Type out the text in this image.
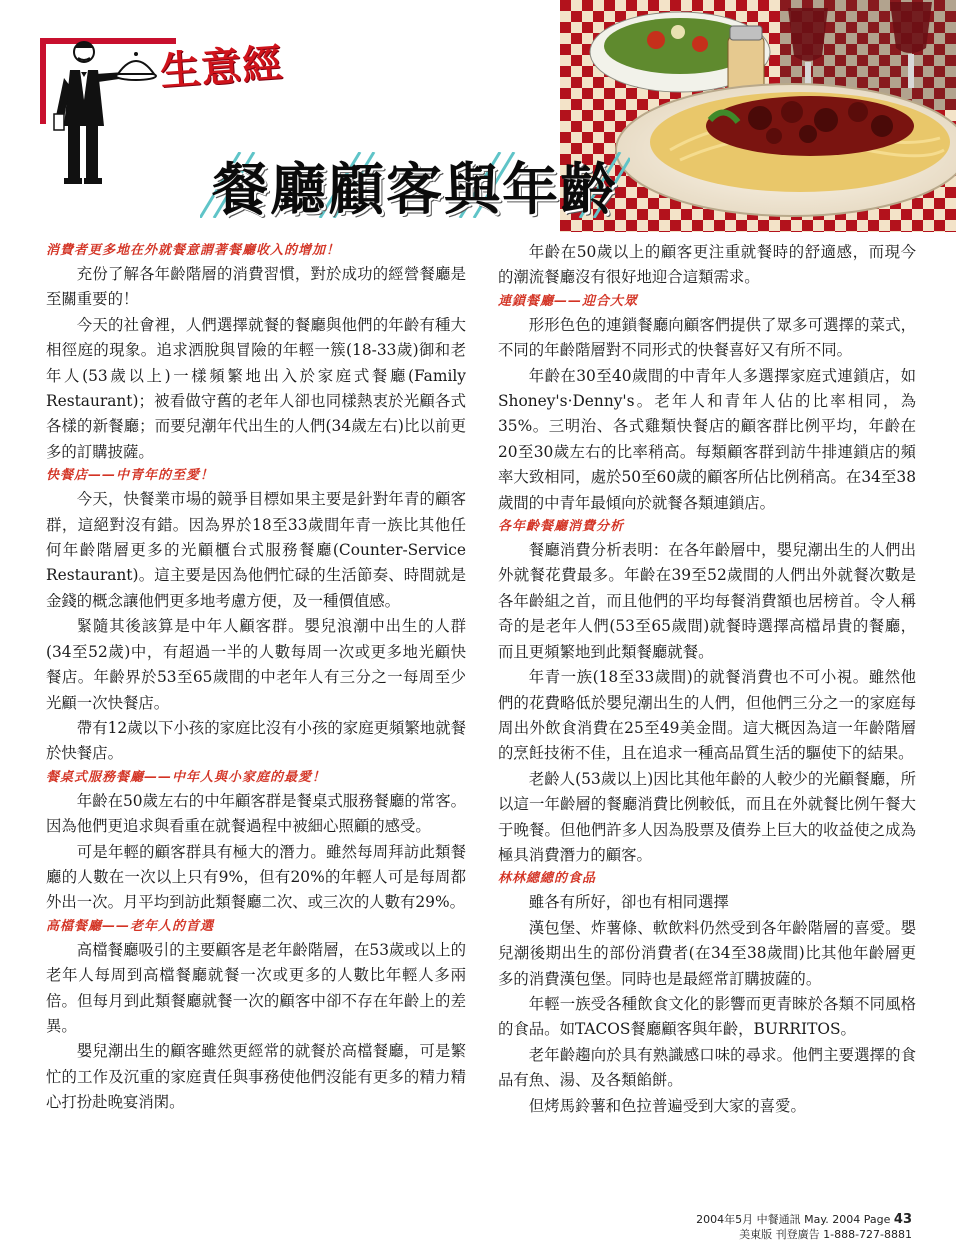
生意經
餐廳顧客與年齡
消費者更多地在外就餐意謂著餐廳收入的增加！

充份了解各年齡階層的消費習慣，對於成功的經營餐廳是至關重要的！

今天的社會裡，人們選擇就餐的餐廳與他們的年齡有種大相徑庭的現象。追求洒脫與冒險的年輕一簇(18-33歲)御和老年人(53歲以上)一樣頻繁地出入於家庭式餐廳(Family Restaurant)；被看做守舊的老年人卻也同樣熱衷於光顧各式各樣的新餐廳；而要兒潮年代出生的人們(34歲左右)比以前更多的訂購披薩。

快餐店——中青年的至愛！

今天，快餐業市場的競爭目標如果主要是針對年青的顧客群，這絕對沒有錯。因為界於18至33歲間年青一族比其他任何年齡階層更多的光顧櫃台式服務餐廳(Counter-Service Restaurant)。這主要是因為他們忙碌的生活節奏、時間就是金錢的概念讓他們更多地考慮方便，及一種價值感。

緊隨其後該算是中年人顧客群。嬰兒浪潮中出生的人群(34至52歲)中，有超過一半的人數每周一次或更多地光顧快餐店。年齡界於53至65歲間的中老年人有三分之一每周至少光顧一次快餐店。

帶有12歲以下小孩的家庭比沒有小孩的家庭更頻繁地就餐於快餐店。

餐桌式服務餐廳——中年人與小家庭的最愛！

年齡在50歲左右的中年顧客群是餐桌式服務餐廳的常客。因為他們更追求與看重在就餐過程中被細心照顧的感受。

可是年輕的顧客群具有極大的潛力。雖然每周拜訪此類餐廳的人數在一次以上只有9%，但有20%的年輕人可是每周都外出一次。月平均到訪此類餐廳二次、或三次的人數有29%。

高檔餐廳——老年人的首選

高檔餐廳吸引的主要顧客是老年齡階層，在53歲或以上的老年人每周到高檔餐廳就餐一次或更多的人數比年輕人多兩倍。但每月到此類餐廳就餐一次的顧客中卻不存在年齡上的差異。

嬰兒潮出生的顧客雖然更經常的就餐於高檔餐廳，可是繁忙的工作及沉重的家庭責任與事務使他們沒能有更多的精力精心打扮赴晚宴消閑。

年齡在50歲以上的顧客更注重就餐時的舒適感，而現今的潮流餐廳沒有很好地迎合這類需求。

連鎖餐廳——迎合大眾

形形色色的連鎖餐廳向顧客們提供了眾多可選擇的菜式，不同的年齡階層對不同形式的快餐喜好又有所不同。

年齡在30至40歲間的中青年人多選擇家庭式連鎖店，如Shoney's·Denny's。老年人和青年人佔的比率相同，為35%。三明治、各式雞類快餐店的顧客群比例平均，年齡在20至30歲左右的比率稍高。每類顧客群到訪牛排連鎖店的頻率大致相同，處於50至60歲的顧客所佔比例稍高。在34至38歲間的中青年最傾向於就餐各類連鎖店。

各年齡餐廳消費分析

餐廳消費分析表明：在各年齡層中，嬰兒潮出生的人們出外就餐花費最多。年齡在39至52歲間的人們出外就餐次數是各年齡組之首，而且他們的平均每餐消費額也居榜首。令人稱奇的是老年人們(53至65歲間)就餐時選擇高檔昂貴的餐廳，而且更頻繁地到此類餐廳就餐。

年青一族(18至33歲間)的就餐消費也不可小視。雖然他們的花費略低於嬰兒潮出生的人們，但他們三分之一的家庭每周出外飲食消費在25至49美金間。這大概因為這一年齡階層的烹飪技術不佳，且在追求一種高品質生活的驅使下的結果。

老齡人(53歲以上)因比其他年齡的人較少的光顧餐廳，所以這一年齡層的餐廳消費比例較低，而且在外就餐比例午餐大于晚餐。但他們許多人因為股票及債券上巨大的收益使之成為極具消費潛力的顧客。

林林總總的食品

雖各有所好，卻也有相同選擇

漢包堡、炸薯條、軟飲料仍然受到各年齡階層的喜愛。嬰兒潮後期出生的部份消費者(在34至38歲間)比其他年齡層更多的消費漢包堡。同時也是最經常訂購披薩的。

年輕一族受各種飲食文化的影響而更青睞於各類不同風格的食品。如TACOS餐廳顧客與年齡，BURRITOS。

老年齡趨向於具有熟識感口味的尋求。他們主要選擇的食品有魚、湯、及各類餡餅。

但烤馬鈴薯和色拉普遍受到大家的喜愛。

2004年5月 中餐通訊 May. 2004 Page 43
美東版 刊登廣告 1-888-727-8881
